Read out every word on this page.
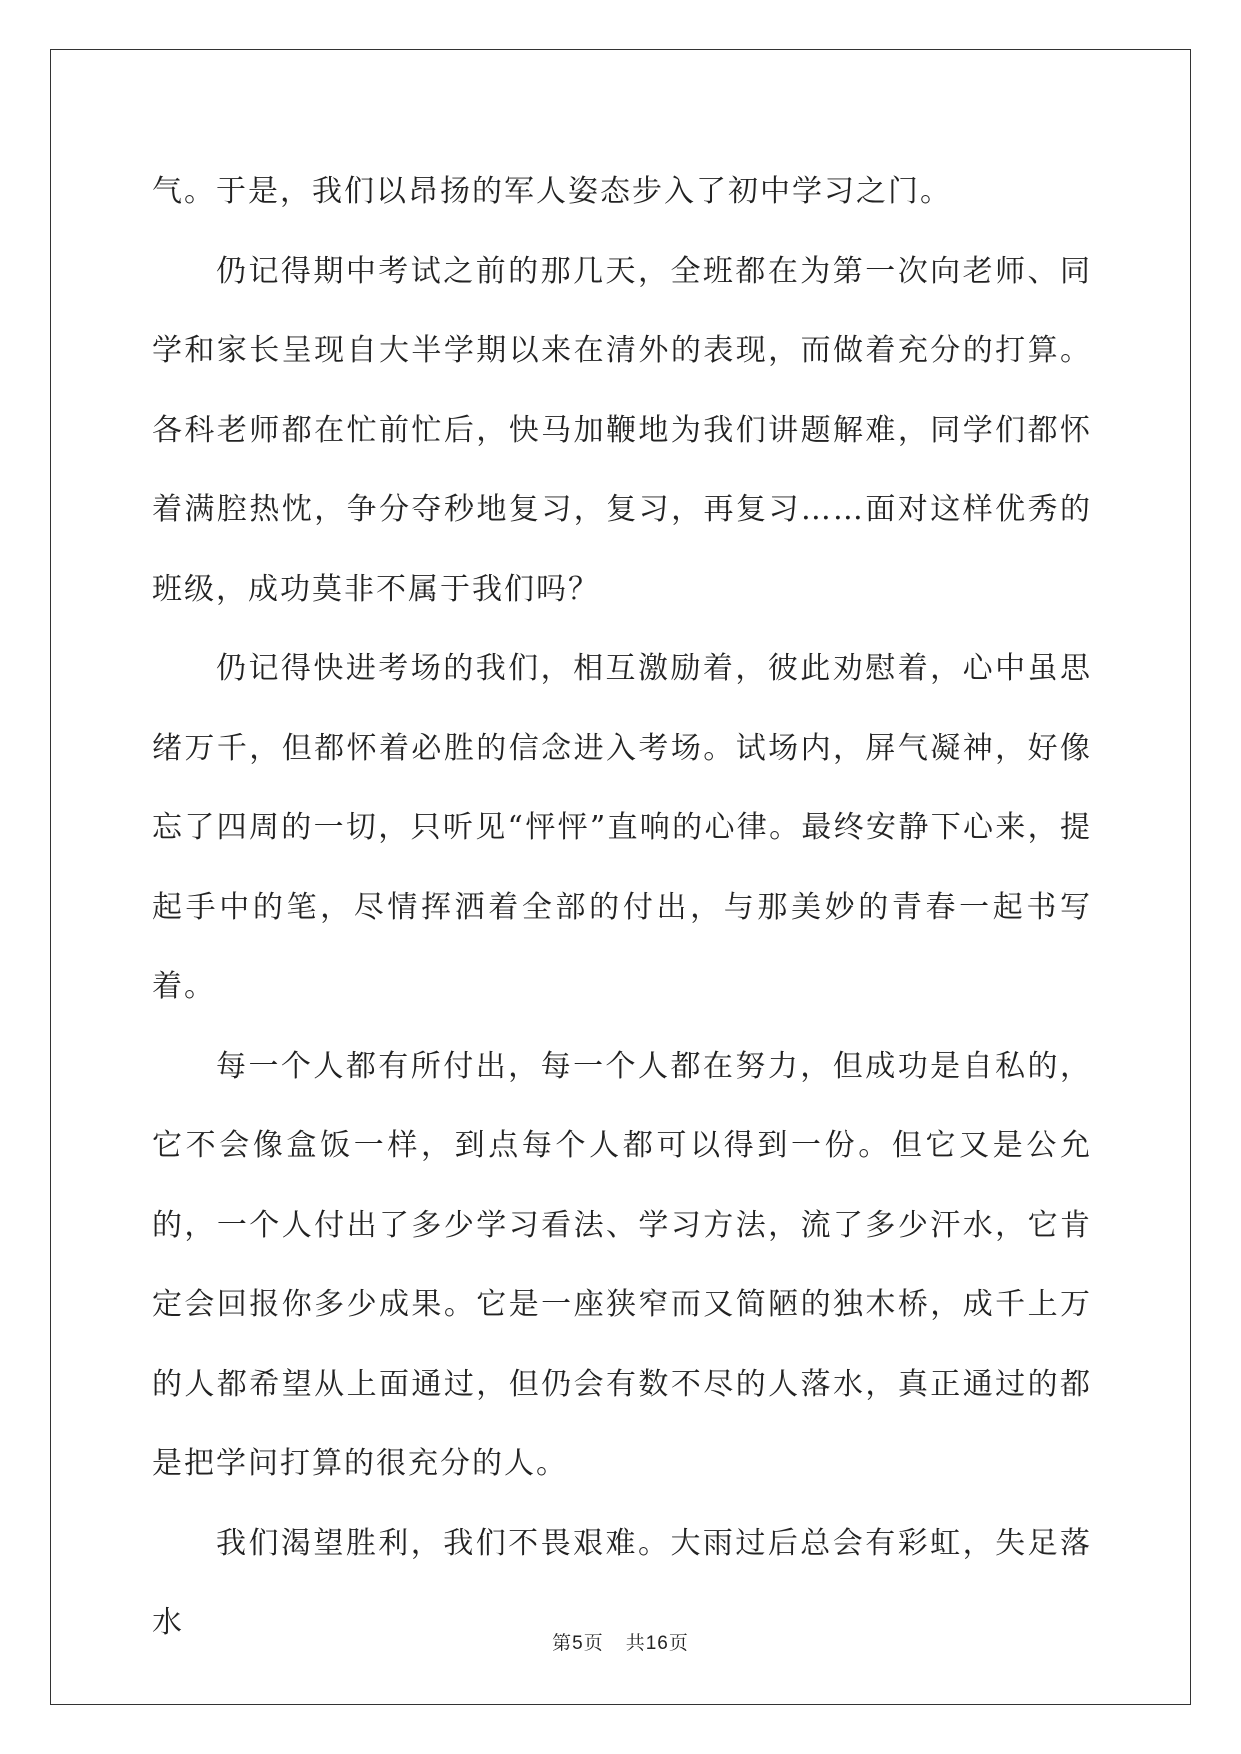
气。于是，我们以昂扬的军人姿态步入了初中学习之门。

仍记得期中考试之前的那几天，全班都在为第一次向老师、同学和家长呈现自大半学期以来在清外的表现，而做着充分的打算。各科老师都在忙前忙后，快马加鞭地为我们讲题解难，同学们都怀着满腔热忱，争分夺秒地复习，复习，再复习……面对这样优秀的班级，成功莫非不属于我们吗？

仍记得快进考场的我们，相互激励着，彼此劝慰着，心中虽思绪万千，但都怀着必胜的信念进入考场。试场内，屏气凝神，好像忘了四周的一切，只听见“怦怦”直响的心律。最终安静下心来，提起手中的笔，尽情挥洒着全部的付出，与那美妙的青春一起书写着。

每一个人都有所付出，每一个人都在努力，但成功是自私的，它不会像盒饭一样，到点每个人都可以得到一份。但它又是公允的，一个人付出了多少学习看法、学习方法，流了多少汗水，它肯定会回报你多少成果。它是一座狭窄而又简陋的独木桥，成千上万的人都希望从上面通过，但仍会有数不尽的人落水，真正通过的都是把学问打算的很充分的人。

我们渴望胜利，我们不畏艰难。大雨过后总会有彩虹，失足落水

第5页 共16页
